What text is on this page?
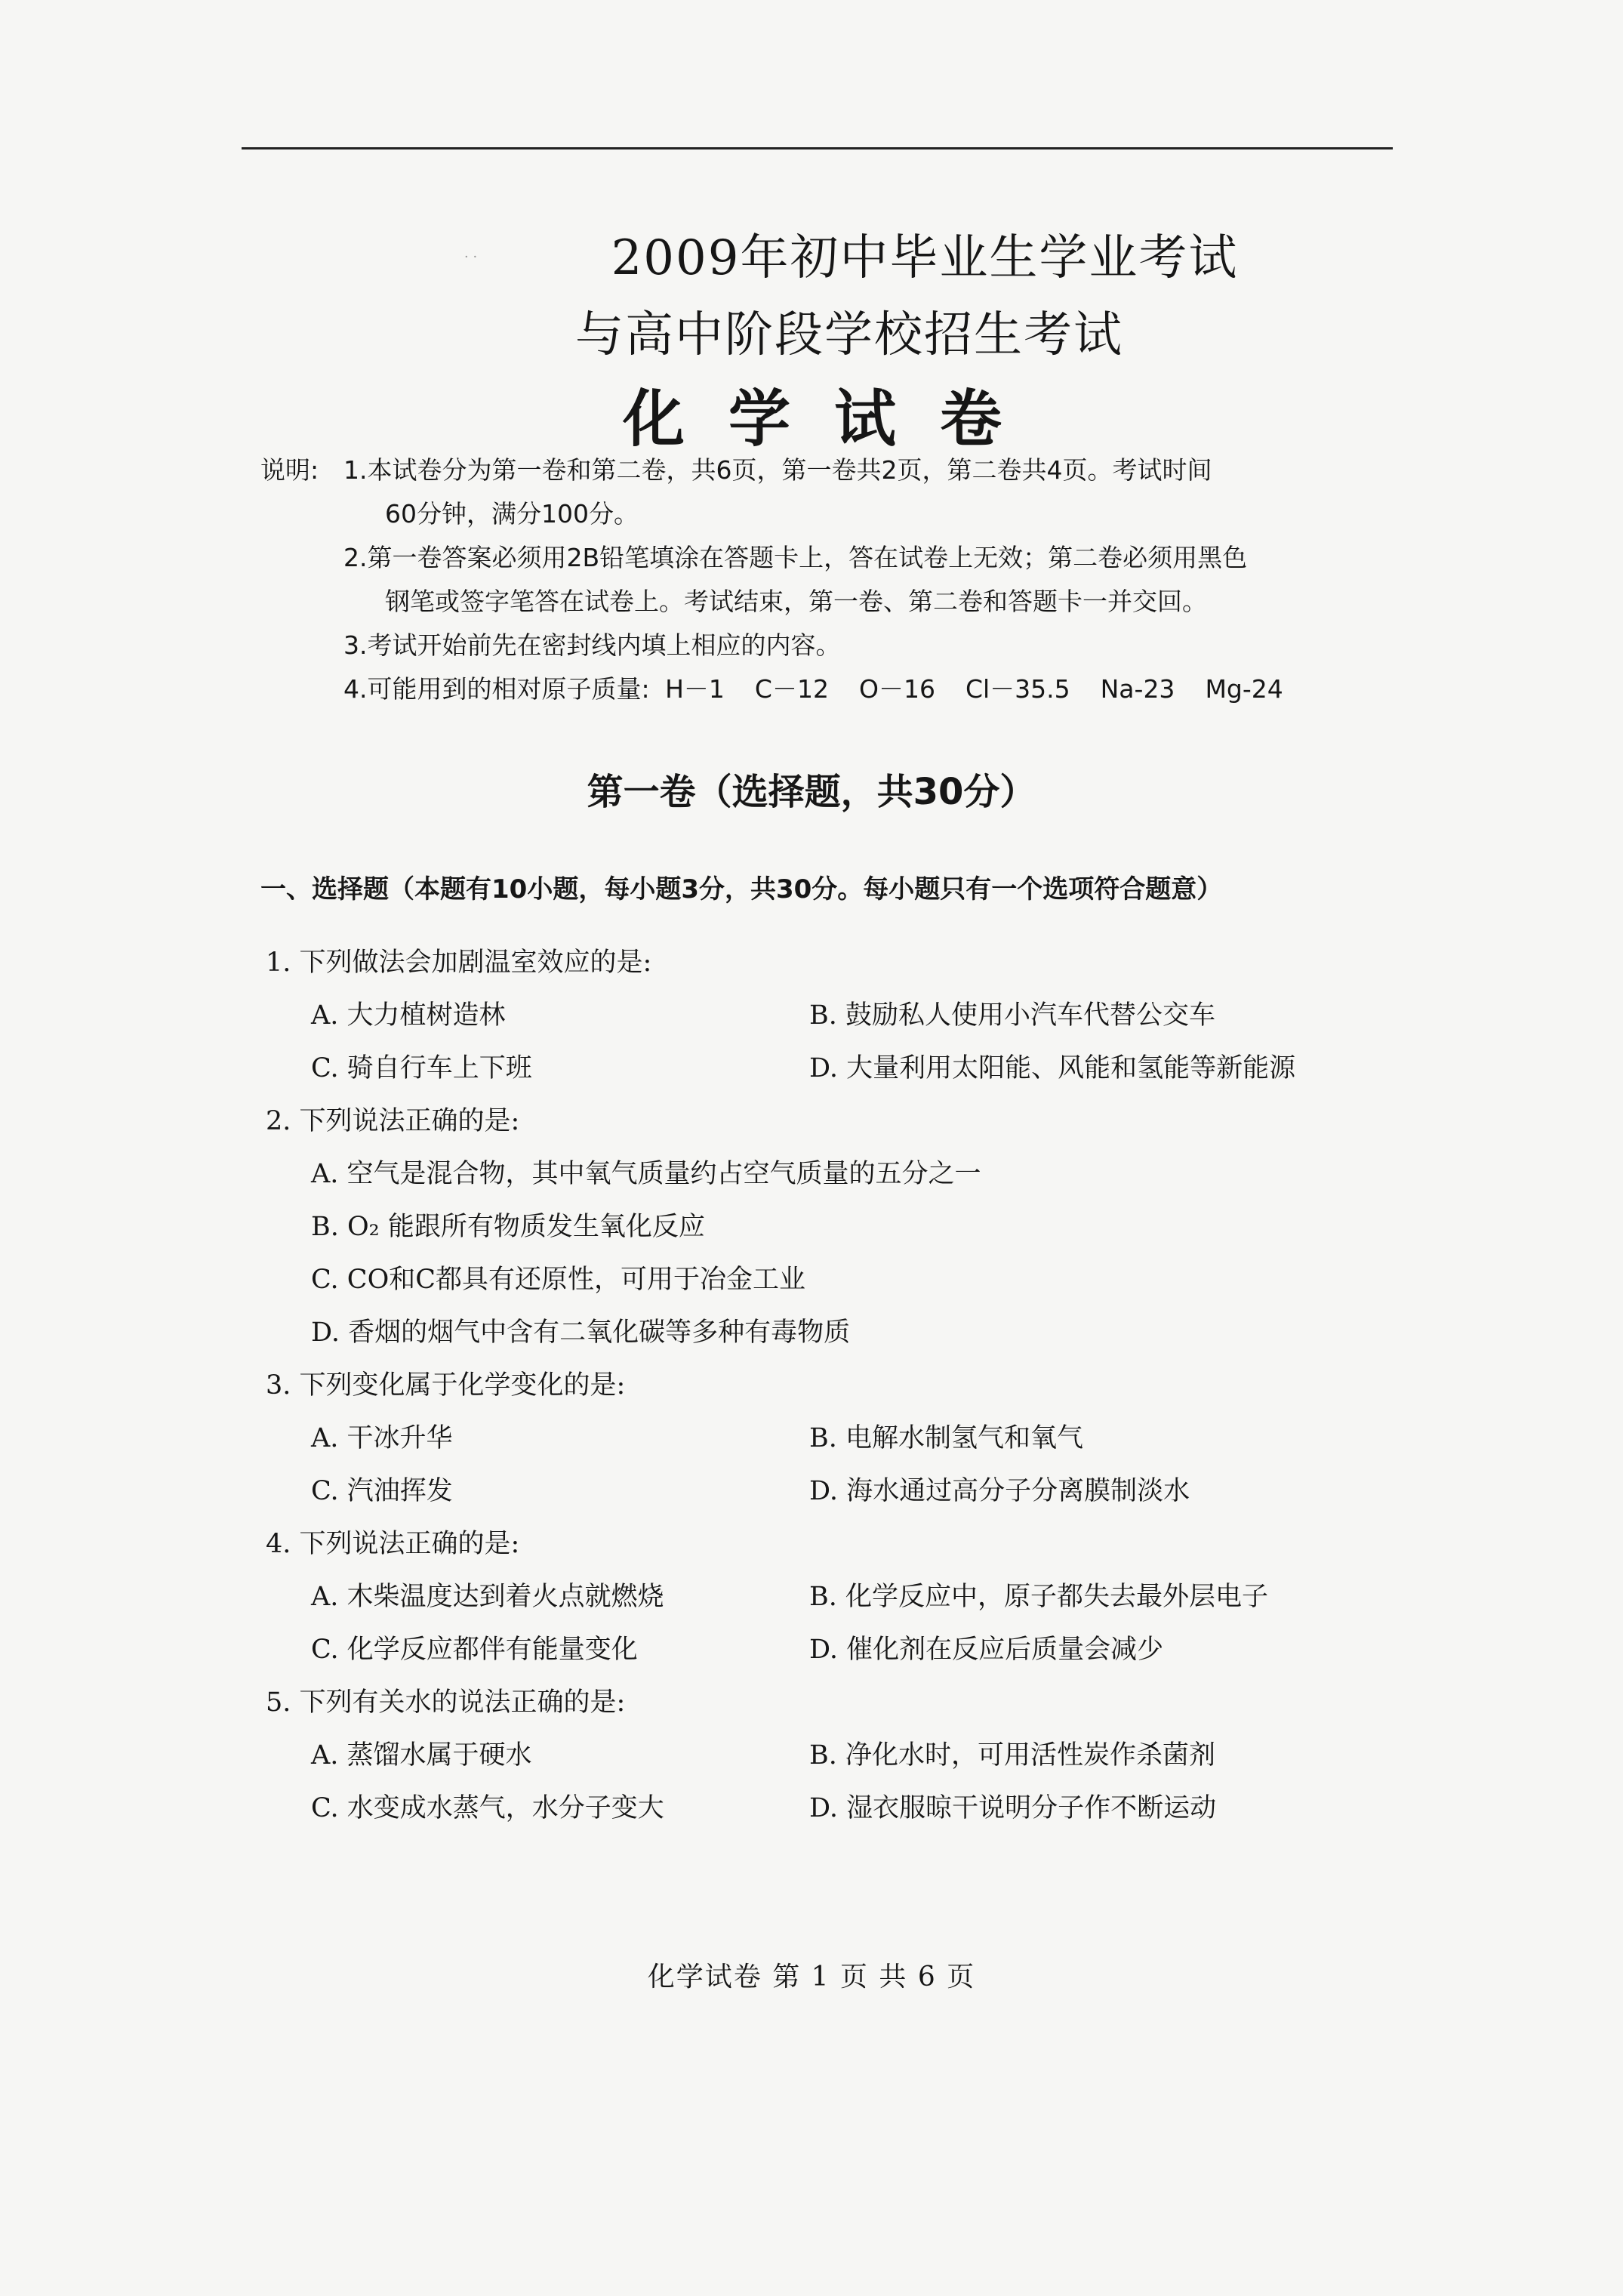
· ·	2009年初中毕业生学业考试
与高中阶段学校招生考试
化学试卷
说明: 1.本试卷分为第一卷和第二卷，共6页，第一卷共2页，第二卷共4页。考试时间
60分钟，满分100分。
2.第一卷答案必须用2B铅笔填涂在答题卡上，答在试卷上无效；第二卷必须用黑色
钢笔或签字笔答在试卷上。考试结束，第一卷、第二卷和答题卡一并交回。
3.考试开始前先在密封线内填上相应的内容。
4.可能用到的相对原子质量: H－1 C－12 O－16 Cl－35.5 Na-23 Mg-24
第一卷（选择题，共30分）
一、选择题（本题有10小题，每小题3分，共30分。每小题只有一个选项符合题意）
1. 下列做法会加剧温室效应的是:
A. 大力植树造林	B. 鼓励私人使用小汽车代替公交车
C. 骑自行车上下班	D. 大量利用太阳能、风能和氢能等新能源
2. 下列说法正确的是:
A. 空气是混合物，其中氧气质量约占空气质量的五分之一
B. O₂ 能跟所有物质发生氧化反应
C. CO和C都具有还原性，可用于冶金工业
D. 香烟的烟气中含有二氧化碳等多种有毒物质
3. 下列变化属于化学变化的是:
A. 干冰升华	B. 电解水制氢气和氧气
C. 汽油挥发	D. 海水通过高分子分离膜制淡水
4. 下列说法正确的是:
A. 木柴温度达到着火点就燃烧	B. 化学反应中，原子都失去最外层电子
C. 化学反应都伴有能量变化	D. 催化剂在反应后质量会减少
5. 下列有关水的说法正确的是:
A. 蒸馏水属于硬水	B. 净化水时，可用活性炭作杀菌剂
C. 水变成水蒸气，水分子变大	D. 湿衣服晾干说明分子作不断运动
化学试卷 第 1 页 共 6 页
